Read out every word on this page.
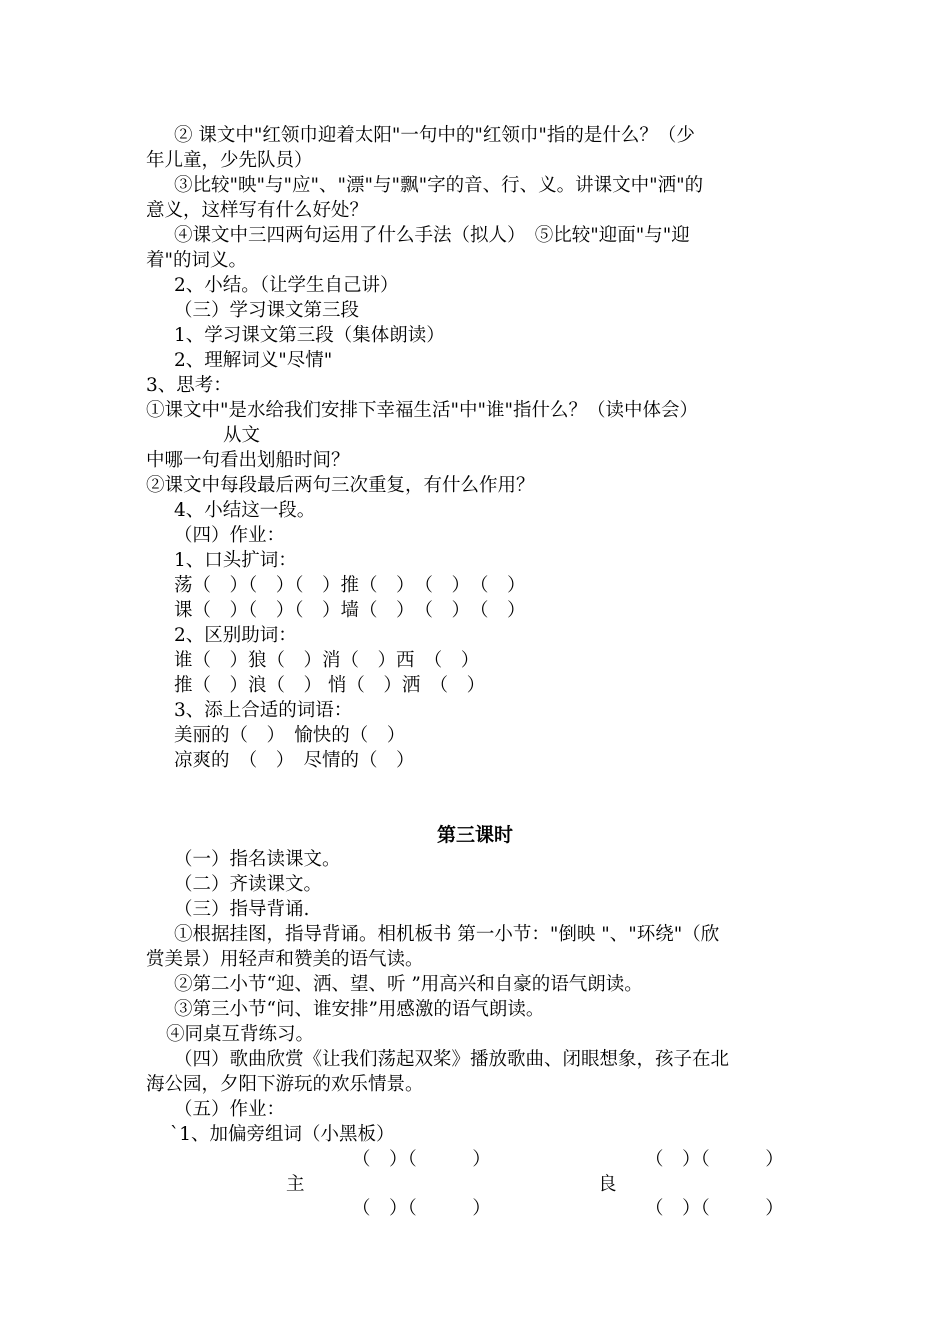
② 课文中"红领巾迎着太阳"一句中的"红领巾"指的是什么？（少
年儿童，少先队员）
③比较"映"与"应"、"漂"与"飘"字的音、行、义。讲课文中"洒"的
意义，这样写有什么好处？
④课文中三四两句运用了什么手法（拟人）　⑤比较"迎面"与"迎
着"的词义。
2、小结。（让学生自己讲）
（三）学习课文第三段
1、学习课文第三段（集体朗读）
2、理解词义"尽情"
3、思考：
①课文中"是水给我们安排下幸福生活"中"谁"指什么？（读中体会）
从文
中哪一句看出划船时间？
②课文中每段最后两句三次重复，有什么作用？
4、小结这一段。
（四）作业：
1、口头扩词：
荡（　）（　）（　）推（　）　（　）　（　）
课（　）（　）（　）墙（　）　（　）　（　）
2、区别助词：
谁（　）狼（　）消（　）西　（　）
推（　）浪（　） 悄（　）洒　（　）
3、添上合适的词语：
美丽的（　）　愉快的（　）
凉爽的　（　）　尽情的（　）
第三课时
（一）指名读课文。
（二）齐读课文。
（三）指导背诵.
①根据挂图，指导背诵。相机板书 第一小节："倒映 "、"环绕"（欣
赏美景）用轻声和赞美的语气读。
②第二小节“迎、洒、望、听 ”用高兴和自豪的语气朗读。
③第三小节“问、谁安排”用感激的语气朗读。
④同桌互背练习。
（四）歌曲欣赏《让我们荡起双桨》播放歌曲、闭眼想象，孩子在北
海公园，夕阳下游玩的欢乐情景。
（五）作业：
`1、加偏旁组词（小黑板）
（　）（　　　）	（　）（　　　）
主	良
（　）（　　　）	（　）（　　　）
